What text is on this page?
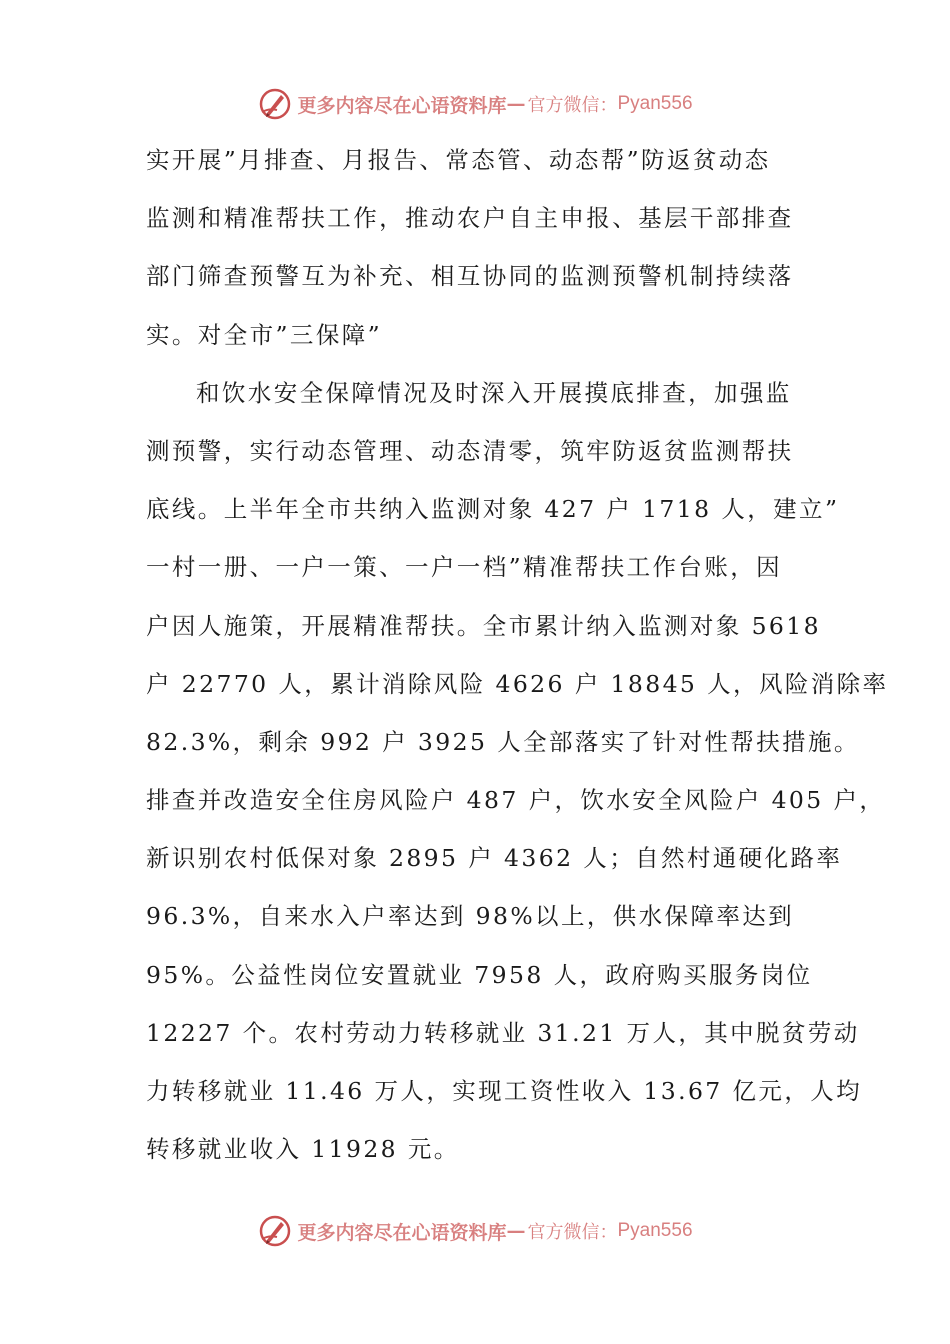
更多内容尽在心语资料库 — 官方微信： Pyan556
实开展”月排查、月报告、常态管、动态帮”防返贫动态
监测和精准帮扶工作，推动农户自主申报、基层干部排查
部门筛查预警互为补充、相互协同的监测预警机制持续落
实。对全市”三保障”
和饮水安全保障情况及时深入开展摸底排查，加强监
测预警，实行动态管理、动态清零，筑牢防返贫监测帮扶
底线。上半年全市共纳入监测对象 427 户 1718 人，建立”
一村一册、一户一策、一户一档”精准帮扶工作台账，因
户因人施策，开展精准帮扶。全市累计纳入监测对象 5618
户 22770 人，累计消除风险 4626 户 18845 人，风险消除率
82.3%，剩余 992 户 3925 人全部落实了针对性帮扶措施。
排查并改造安全住房风险户 487 户，饮水安全风险户 405 户，
新识别农村低保对象 2895 户 4362 人；自然村通硬化路率
96.3%，自来水入户率达到 98%以上，供水保障率达到
95%。公益性岗位安置就业 7958 人，政府购买服务岗位
12227 个。农村劳动力转移就业 31.21 万人，其中脱贫劳动
力转移就业 11.46 万人，实现工资性收入 13.67 亿元，人均
转移就业收入 11928 元。
更多内容尽在心语资料库 — 官方微信： Pyan556
